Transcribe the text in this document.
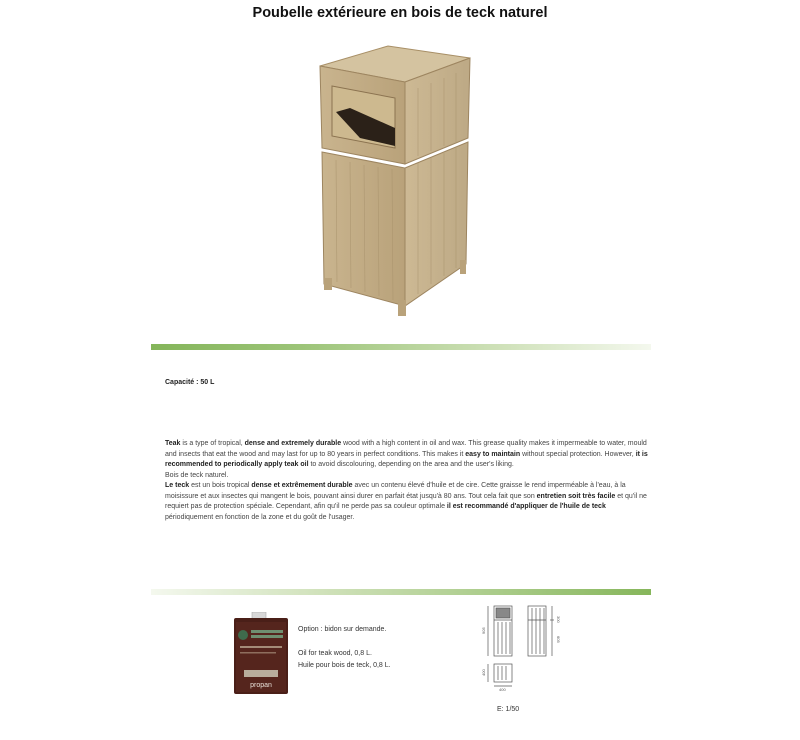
Poubelle extérieure en bois de teck naturel
Capacité : 50 L

Teak is a type of tropical, dense and extremely durable wood with a high content in oil and wax. This grease quality makes it impermeable to water, mould and insects that eat the wood and may last for up to 80 years in perfect conditions. This makes it easy to maintain without special protection. However, it is recommended to periodically apply teak oil to avoid discolouring, depending on the area and the user's liking.

Bois de teck naturel.

Le teck est un bois tropical dense et extrêmement durable avec un contenu élevé d'huile et de cire. Cette graisse le rend imperméable à l'eau, à la moisissure et aux insectes qui mangent le bois, pouvant ainsi durer en parfait état jusqu'à 80 ans. Tout cela fait que son entretien soit très facile et qu'il ne requiert pas de protection spéciale. Cependant, afin qu'il ne perde pas sa couleur optimale il est recommandé d'appliquer de l'huile de teck périodiquement en fonction de la zone et du goût de l'usager.

propan
Option : bidon sur demande.
Oil for teak wood, 0,8 L.
Huile pour bois de teck, 0,8 L.
905
300
605
400
400
E: 1/50
